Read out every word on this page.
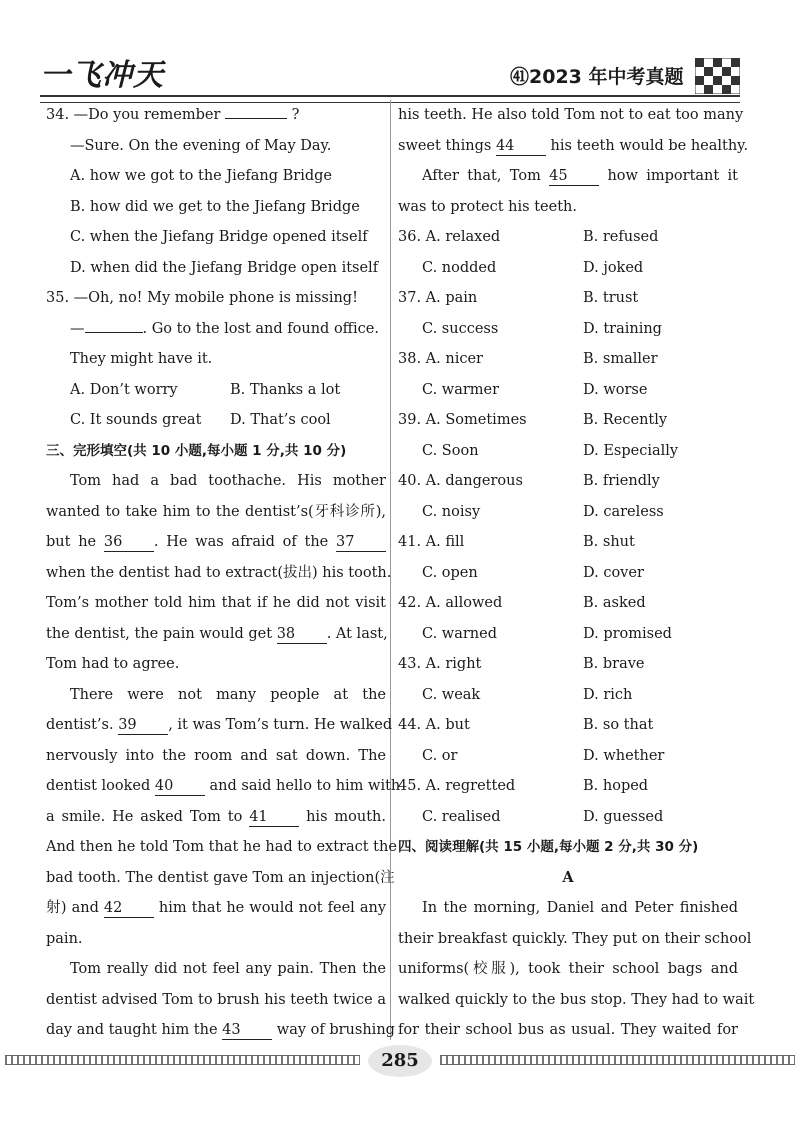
一飞冲天	㊶2023 年中考真题
34. —Do you remember	?
—Sure. On the evening of May Day.
A. how we got to the Jiefang Bridge
B. how did we get to the Jiefang Bridge
C. when the Jiefang Bridge opened itself
D. when did the Jiefang Bridge open itself
35. —Oh, no! My mobile phone is missing!
—	. Go to the lost and found office.
They might have it.
A. Don’t worry	B. Thanks a lot
C. It sounds great	D. That’s cool
三、完形填空(共 10 小题,每小题 1 分,共 10 分)
Tom had a bad toothache. His mother
wanted to take him to the dentist’s(牙科诊所),
but he 36 . He was afraid of the 37
when the dentist had to extract(拔出) his tooth.
Tom’s mother told him that if he did not visit
the dentist, the pain would get 38 . At last,
Tom had to agree.
There were not many people at the
dentist’s. 39 , it was Tom’s turn. He walked
nervously into the room and sat down. The
dentist looked 40 and said hello to him with
a smile. He asked Tom to 41 his mouth.
And then he told Tom that he had to extract the
bad tooth. The dentist gave Tom an injection(注
射) and 42 him that he would not feel any
pain.
Tom really did not feel any pain. Then the
dentist advised Tom to brush his teeth twice a
day and taught him the 43 way of brushing
his teeth. He also told Tom not to eat too many
sweet things 44 his teeth would be healthy.
After that, Tom 45 how important it
was to protect his teeth.
36. A. relaxed	B. refused
C. nodded	D. joked
37. A. pain	B. trust
C. success	D. training
38. A. nicer	B. smaller
C. warmer	D. worse
39. A. Sometimes	B. Recently
C. Soon	D. Especially
40. A. dangerous	B. friendly
C. noisy	D. careless
41. A. fill	B. shut
C. open	D. cover
42. A. allowed	B. asked
C. warned	D. promised
43. A. right	B. brave
C. weak	D. rich
44. A. but	B. so that
C. or	D. whether
45. A. regretted	B. hoped
C. realised	D. guessed
四、阅读理解(共 15 小题,每小题 2 分,共 30 分)
A
In the morning, Daniel and Peter finished
their breakfast quickly. They put on their school
uniforms(校服), took their school bags and
walked quickly to the bus stop. They had to wait
for their school bus as usual. They waited for
285
